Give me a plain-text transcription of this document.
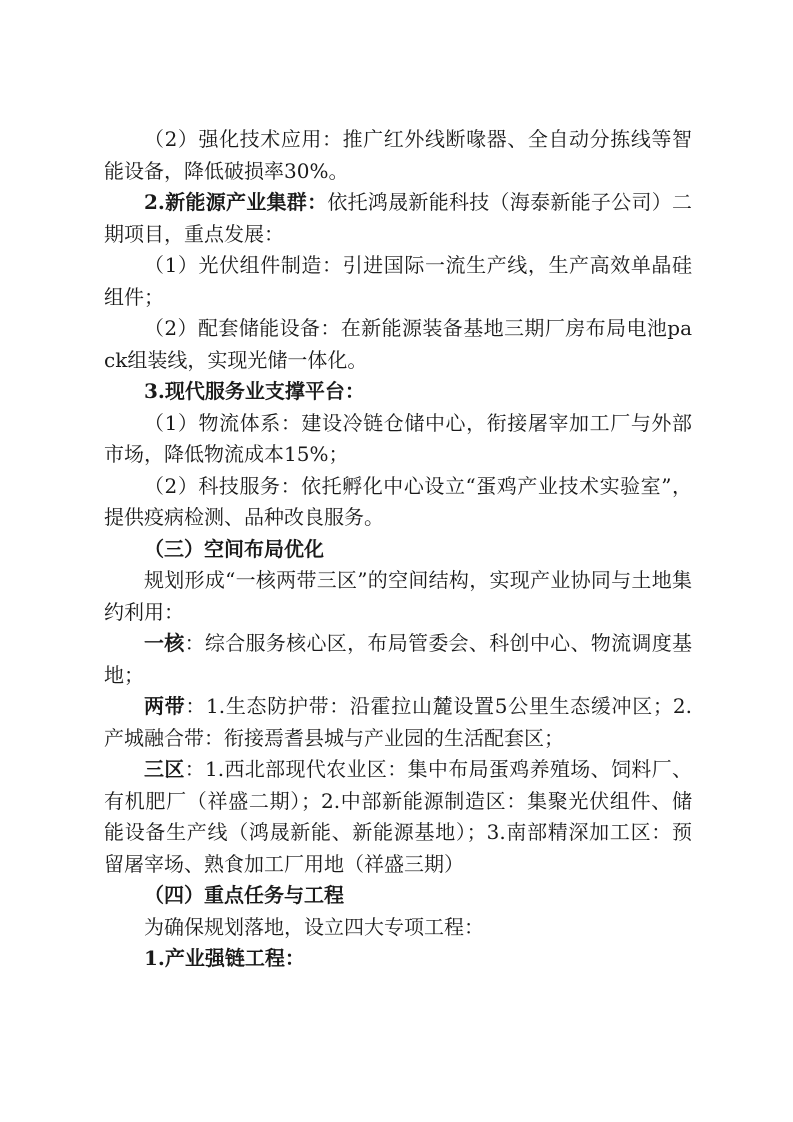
（2）强化技术应用：推广红外线断喙器、全自动分拣线等智能设备，降低破损率30%。

2.新能源产业集群：依托鸿晟新能科技（海泰新能子公司）二期项目，重点发展：

（1）光伏组件制造：引进国际一流生产线，生产高效单晶硅组件；

（2）配套储能设备：在新能源装备基地三期厂房布局电池pack组装线，实现光储一体化。

3.现代服务业支撑平台：

（1）物流体系：建设冷链仓储中心，衔接屠宰加工厂与外部市场，降低物流成本15%；

（2）科技服务：依托孵化中心设立“蛋鸡产业技术实验室”，提供疫病检测、品种改良服务。

（三）空间布局优化

规划形成“一核两带三区”的空间结构，实现产业协同与土地集约利用：

一核：综合服务核心区，布局管委会、科创中心、物流调度基地；

两带：1.生态防护带：沿霍拉山麓设置5公里生态缓冲区；2.产城融合带：衔接焉耆县城与产业园的生活配套区；

三区：1.西北部现代农业区：集中布局蛋鸡养殖场、饲料厂、有机肥厂（祥盛二期）；2.中部新能源制造区：集聚光伏组件、储能设备生产线（鸿晟新能、新能源基地）；3.南部精深加工区：预留屠宰场、熟食加工厂用地（祥盛三期）

（四）重点任务与工程

为确保规划落地，设立四大专项工程：

1.产业强链工程：
